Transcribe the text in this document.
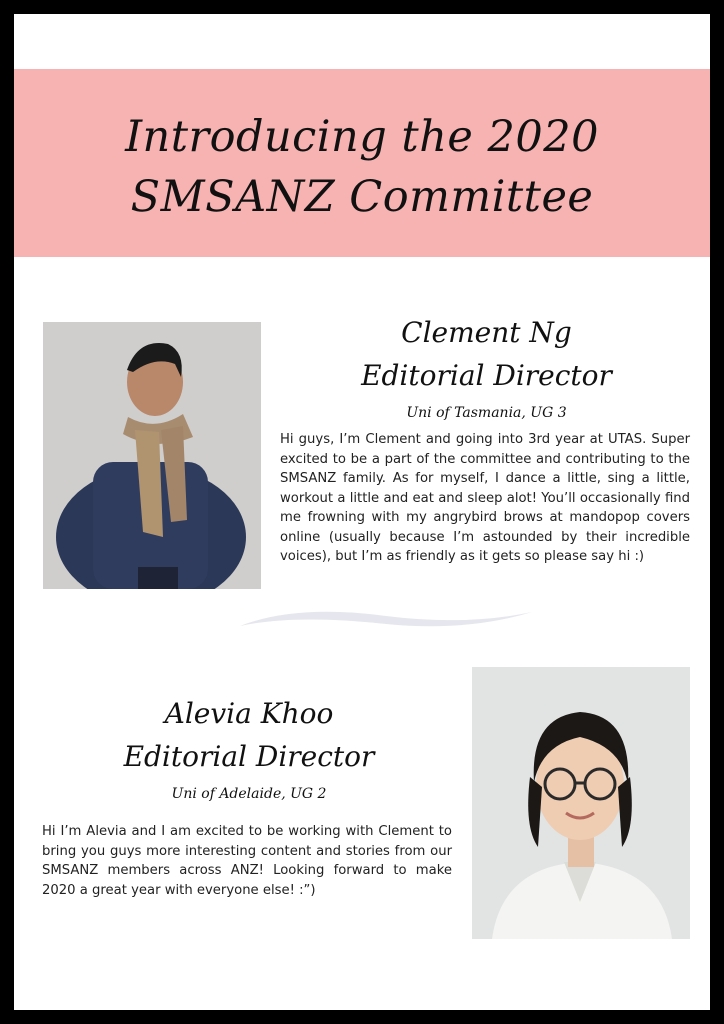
Introducing the 2020 SMSANZ Committee
Clement Ng
Editorial Director
Uni of Tasmania, UG 3

Hi guys, I’m Clement and going into 3rd year at UTAS. Super excited to be a part of the committee and contributing to the SMSANZ family. As for myself, I dance a little, sing a little, workout a little and eat and sleep alot! You’ll occasionally find me frowning with my angrybird brows at mandopop covers online (usually because I’m astounded by their incredible voices), but I’m as friendly as it gets so please say hi :)

Alevia Khoo
Editorial Director
Uni of Adelaide, UG 2

Hi I’m Alevia and I am excited to be working with Clement to bring you guys more interesting content and stories from our SMSANZ members across ANZ! Looking forward to make 2020 a great year with everyone else! :”)
